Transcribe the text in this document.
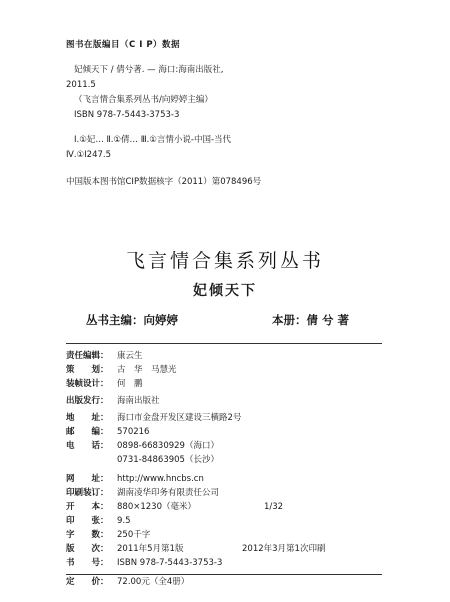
图书在版编目（C I P）数据
妃倾天下 / 倩兮著. — 海口:海南出版社,
2011.5
（飞言情合集系列丛书/向婷婷主编）
ISBN 978-7-5443-3753-3
Ⅰ.①妃… Ⅱ.①倩… Ⅲ.①言情小说-中国-当代
Ⅳ.①I247.5
中国版本图书馆CIP数据核字（2011）第078496号
飞言情合集系列丛书
妃倾天下
丛书主编：向婷婷	本册：倩 兮 著
责任编辑： 康云生
策　　划： 古　华　马慧光
装帧设计： 何　鹏
出版发行： 海南出版社
地　　址： 海口市金盘开发区建设三横路2号
邮　　编： 570216
电　　话： 0898-66830929（海口）
0731-84863905（长沙）
网　　址： http://www.hncbs.cn
印刷装订： 湖南凌华印务有限责任公司
开　　本： 880×1230（毫米）	1/32
印　　张： 9.5
字　　数： 250千字
版　　次： 2011年5月第1版	2012年3月第1次印刷
书　　号： ISBN 978-7-5443-3753-3
定　　价： 72.00元（全4册）
